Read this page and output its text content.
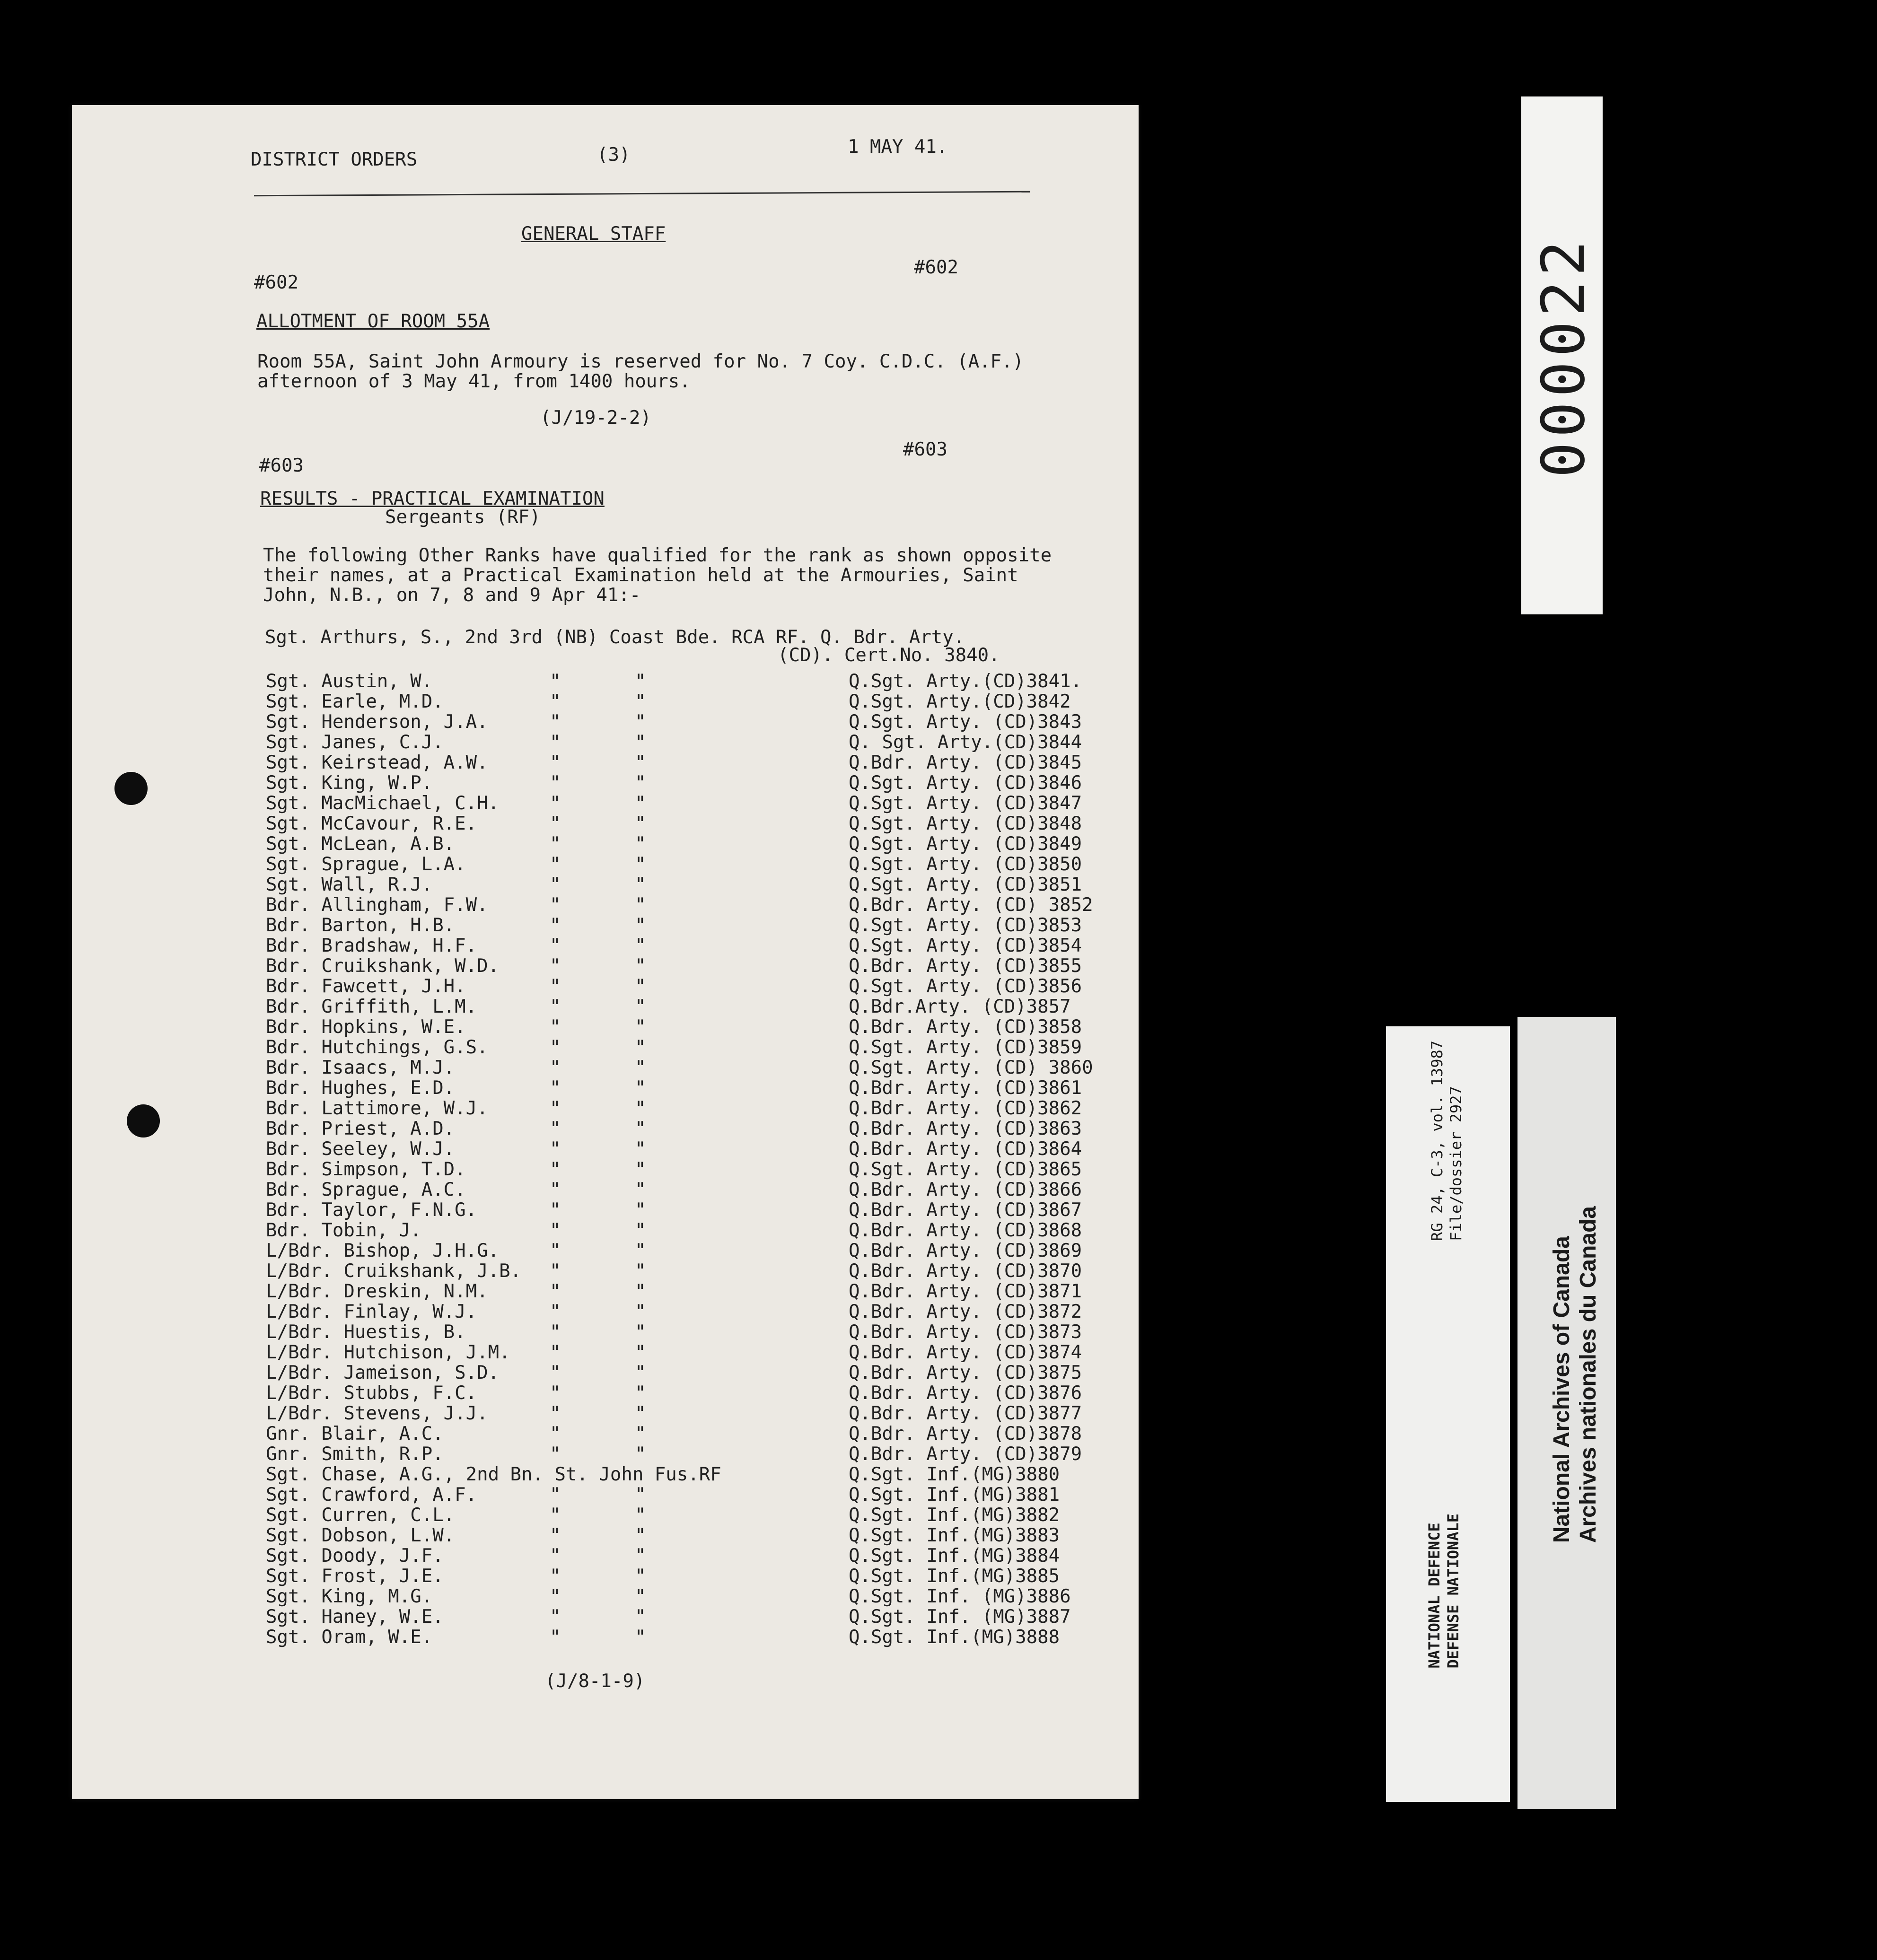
DISTRICT ORDERS	(3)	1 MAY 41.
GENERAL STAFF
#602
#602
ALLOTMENT OF ROOM 55A
Room 55A, Saint John Armoury is reserved for No. 7 Coy. C.D.C. (A.F.) afternoon of 3 May 41, from 1400 hours.
(J/19-2-2)
#603
#603
RESULTS - PRACTICAL EXAMINATION
Sergeants (RF)
The following Other Ranks have qualified for the rank as shown opposite their names, at a Practical Examination held at the Armouries, Saint John, N.B., on 7, 8 and 9 Apr 41:-
Sgt. Arthurs, S., 2nd 3rd (NB) Coast Bde. RCA RF. Q. Bdr. Arty.
(CD). Cert.No. 3840.
Sgt. Austin, W.	"	"	Q.Sgt. Arty.(CD)3841.
Sgt. Earle, M.D.	"	"	Q.Sgt. Arty.(CD)3842
Sgt. Henderson, J.A.	"	"	Q.Sgt. Arty. (CD)3843
Sgt. Janes, C.J.	"	"	Q. Sgt. Arty.(CD)3844
Sgt. Keirstead, A.W.	"	"	Q.Bdr. Arty. (CD)3845
Sgt. King, W.P.	"	"	Q.Sgt. Arty. (CD)3846
Sgt. MacMichael, C.H.	"	"	Q.Sgt. Arty. (CD)3847
Sgt. McCavour, R.E.	"	"	Q.Sgt. Arty. (CD)3848
Sgt. McLean, A.B.	"	"	Q.Sgt. Arty. (CD)3849
Sgt. Sprague, L.A.	"	"	Q.Sgt. Arty. (CD)3850
Sgt. Wall, R.J.	"	"	Q.Sgt. Arty. (CD)3851
Bdr. Allingham, F.W.	"	"	Q.Bdr. Arty. (CD) 3852
Bdr. Barton, H.B.	"	"	Q.Sgt. Arty. (CD)3853
Bdr. Bradshaw, H.F.	"	"	Q.Sgt. Arty. (CD)3854
Bdr. Cruikshank, W.D.	"	"	Q.Bdr. Arty. (CD)3855
Bdr. Fawcett, J.H.	"	"	Q.Sgt. Arty. (CD)3856
Bdr. Griffith, L.M.	"	"	Q.Bdr.Arty. (CD)3857
Bdr. Hopkins, W.E.	"	"	Q.Bdr. Arty. (CD)3858
Bdr. Hutchings, G.S.	"	"	Q.Sgt. Arty. (CD)3859
Bdr. Isaacs, M.J.	"	"	Q.Sgt. Arty. (CD) 3860
Bdr. Hughes, E.D.	"	"	Q.Bdr. Arty. (CD)3861
Bdr. Lattimore, W.J.	"	"	Q.Bdr. Arty. (CD)3862
Bdr. Priest, A.D.	"	"	Q.Bdr. Arty. (CD)3863
Bdr. Seeley, W.J.	"	"	Q.Bdr. Arty. (CD)3864
Bdr. Simpson, T.D.	"	"	Q.Sgt. Arty. (CD)3865
Bdr. Sprague, A.C.	"	"	Q.Bdr. Arty. (CD)3866
Bdr. Taylor, F.N.G.	"	"	Q.Bdr. Arty. (CD)3867
Bdr. Tobin, J.	"	"	Q.Bdr. Arty. (CD)3868
L/Bdr. Bishop, J.H.G.	"	"	Q.Bdr. Arty. (CD)3869
L/Bdr. Cruikshank, J.B. "	"	Q.Bdr. Arty. (CD)3870
L/Bdr. Dreskin, N.M.	"	"	Q.Bdr. Arty. (CD)3871
L/Bdr. Finlay, W.J.	"	"	Q.Bdr. Arty. (CD)3872
L/Bdr. Huestis, B.	"	"	Q.Bdr. Arty. (CD)3873
L/Bdr. Hutchison, J.M. "	"	Q.Bdr. Arty. (CD)3874
L/Bdr. Jameison, S.D.	"	"	Q.Bdr. Arty. (CD)3875
L/Bdr. Stubbs, F.C.	"	"	Q.Bdr. Arty. (CD)3876
L/Bdr. Stevens, J.J.	"	"	Q.Bdr. Arty. (CD)3877
Gnr. Blair, A.C.	"	"	Q.Bdr. Arty. (CD)3878
Gnr. Smith, R.P.	"	"	Q.Bdr. Arty. (CD)3879
Sgt. Chase, A.G., 2nd Bn. St. John Fus.RF	Q.Sgt. Inf.(MG)3880
Sgt. Crawford, A.F.	"	"	Q.Sgt. Inf.(MG)3881
Sgt. Curren, C.L.	"	"	Q.Sgt. Inf.(MG)3882
Sgt. Dobson, L.W.	"	"	Q.Sgt. Inf.(MG)3883
Sgt. Doody, J.F.	"	"	Q.Sgt. Inf.(MG)3884
Sgt. Frost, J.E.	"	"	Q.Sgt. Inf.(MG)3885
Sgt. King, M.G.	"	"	Q.Sgt. Inf. (MG)3886
Sgt. Haney, W.E.	"	"	Q.Sgt. Inf. (MG)3887
Sgt. Oram, W.E.	"	"	Q.Sgt. Inf.(MG)3888
(J/8-1-9)
000022
RG 24, C-3, vol. 13987 File/dossier 2927
NATIONAL DEFENCE DEFENSE NATIONALE
National Archives of Canada Archives nationales du Canada
